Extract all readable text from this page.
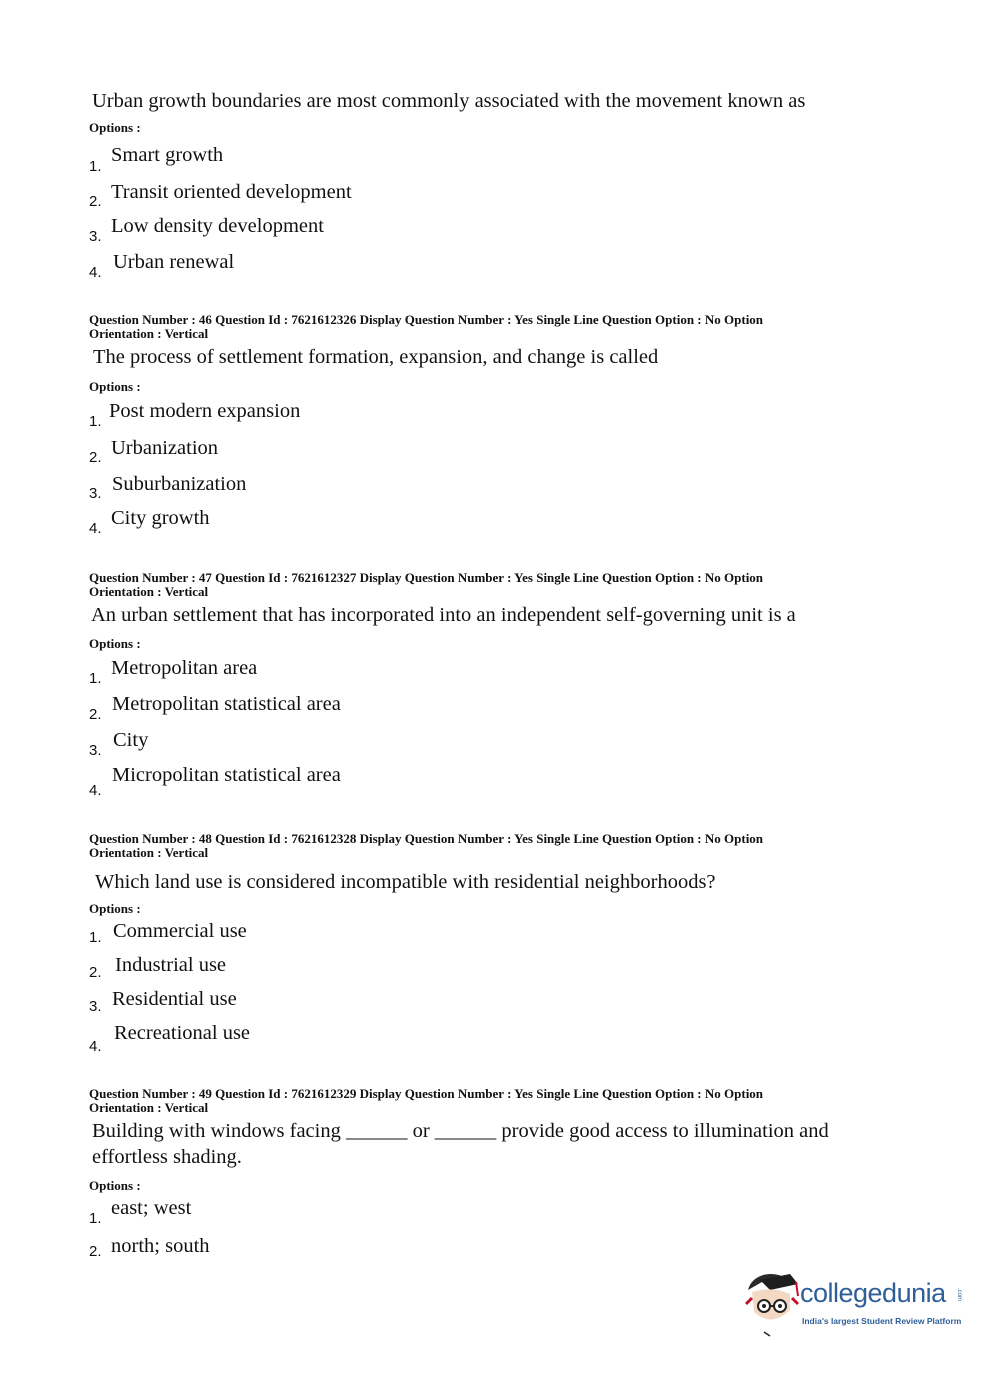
Urban growth boundaries are most commonly associated with the movement known as
Options :
1.
Smart growth
2. Transit oriented development
3. Low density development
4. Urban renewal
Question Number : 46 Question Id : 7621612326 Display Question Number : Yes Single Line Question Option : No Option
Orientation : Vertical
The process of settlement formation, expansion, and change is called
Options :
1. Post modern expansion
2. Urbanization
3. Suburbanization
4. City growth
Question Number : 47 Question Id : 7621612327 Display Question Number : Yes Single Line Question Option : No Option
Orientation : Vertical
An urban settlement that has incorporated into an independent self-governing unit is a
Options :
1. Metropolitan area
2. Metropolitan statistical area
3. City
4.
Micropolitan statistical area
Question Number : 48 Question Id : 7621612328 Display Question Number : Yes Single Line Question Option : No Option
Orientation : Vertical
Which land use is considered incompatible with residential neighborhoods?
Options :
1. Commercial use
2. Industrial use
3. Residential use
4.
Recreational use
Question Number : 49 Question Id : 7621612329 Display Question Number : Yes Single Line Question Option : No Option
Orientation : Vertical
Building with windows facing ______ or ______ provide good access to illumination and
effortless shading.
Options :
1. east; west
2. north; south
collegedunia .com
India's largest Student Review Platform
